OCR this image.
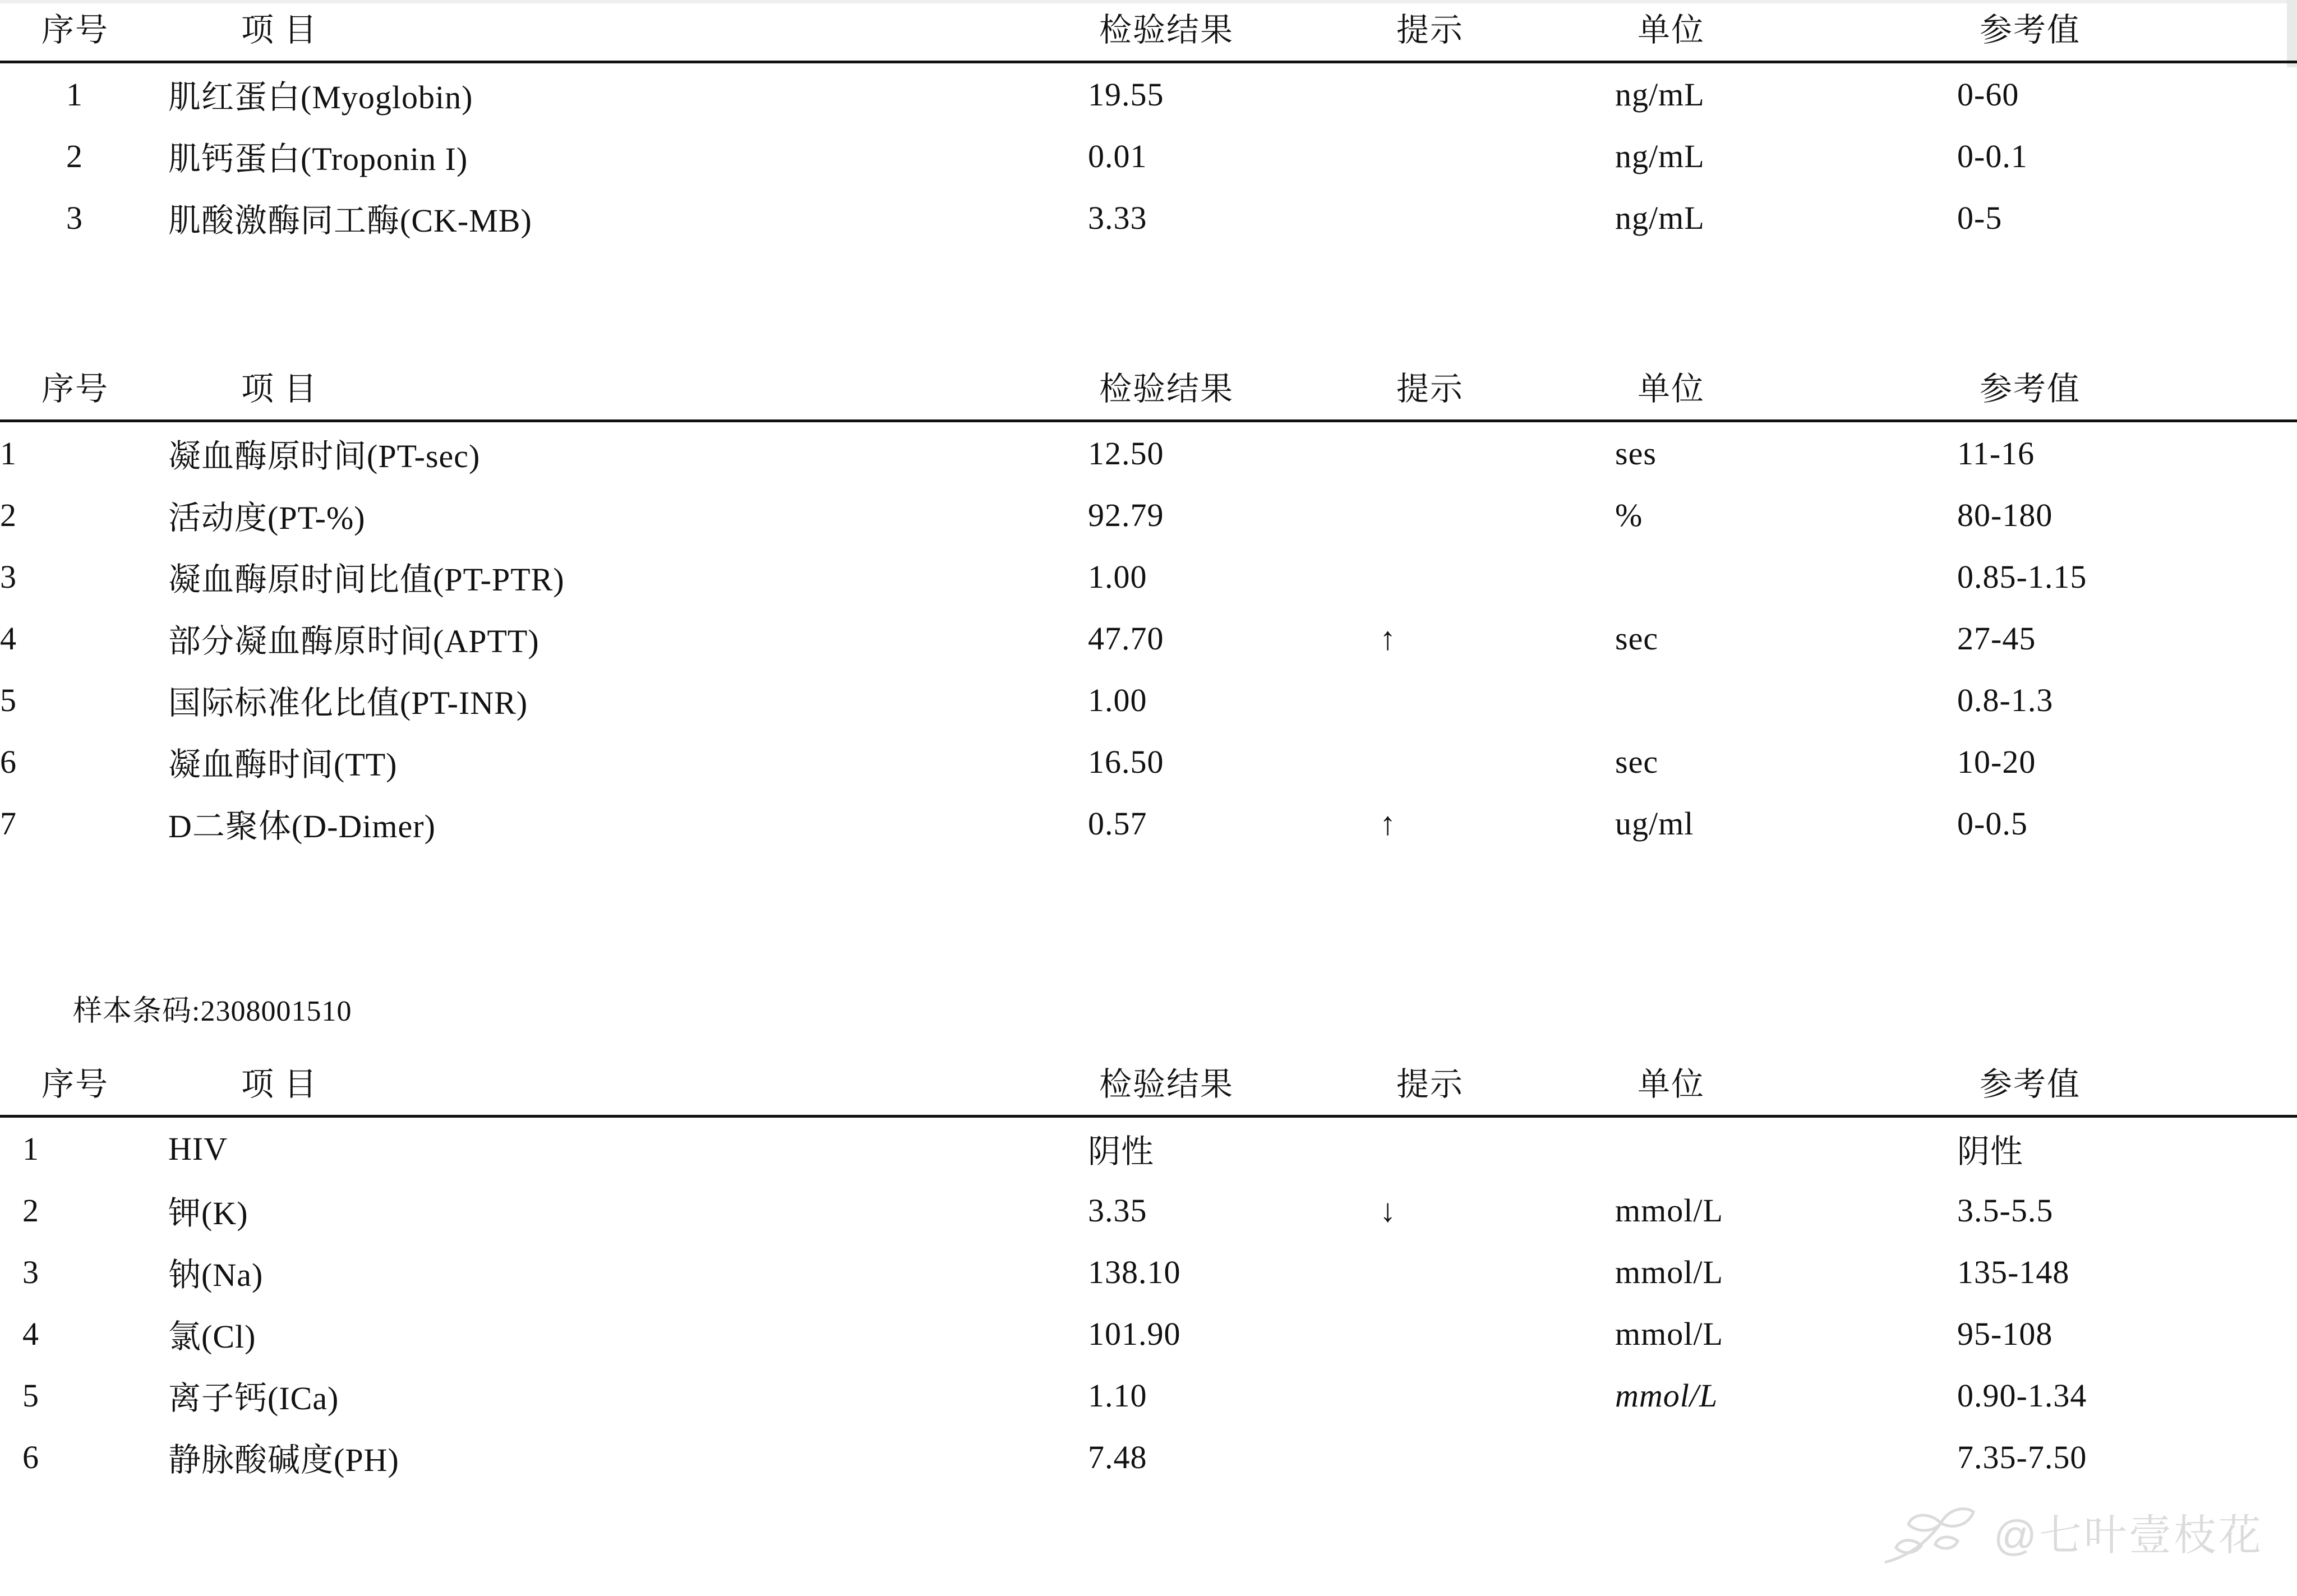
序号	项 目	检验结果	提示	单位	参考值
1	肌红蛋白(Myoglobin)	19.55		ng/mL	0-60
2	肌钙蛋白(Troponin I)	0.01		ng/mL	0-0.1
3	肌酸激酶同工酶(CK-MB)	3.33		ng/mL	0-5
序号	项 目	检验结果	提示	单位	参考值
1	凝血酶原时间(PT-sec)	12.50		ses	11-16
2	活动度(PT-%)	92.79		%	80-180
3	凝血酶原时间比值(PT-PTR)	1.00			0.85-1.15
4	部分凝血酶原时间(APTT)	47.70	↑	sec	27-45
5	国际标准化比值(PT-INR)	1.00			0.8-1.3
6	凝血酶时间(TT)	16.50		sec	10-20
7	D二聚体(D-Dimer)	0.57	↑	ug/ml	0-0.5
样本条码:2308001510
序号	项 目	检验结果	提示	单位	参考值
1	HIV	阴性			阴性
2	钾(K)	3.35	↓	mmol/L	3.5-5.5
3	钠(Na)	138.10		mmol/L	135-148
4	氯(Cl)	101.90		mmol/L	95-108
5	离子钙(ICa)	1.10		mmol/L	0.90-1.34
6	静脉酸碱度(PH)	7.48			7.35-7.50
@七叶壹枝花
